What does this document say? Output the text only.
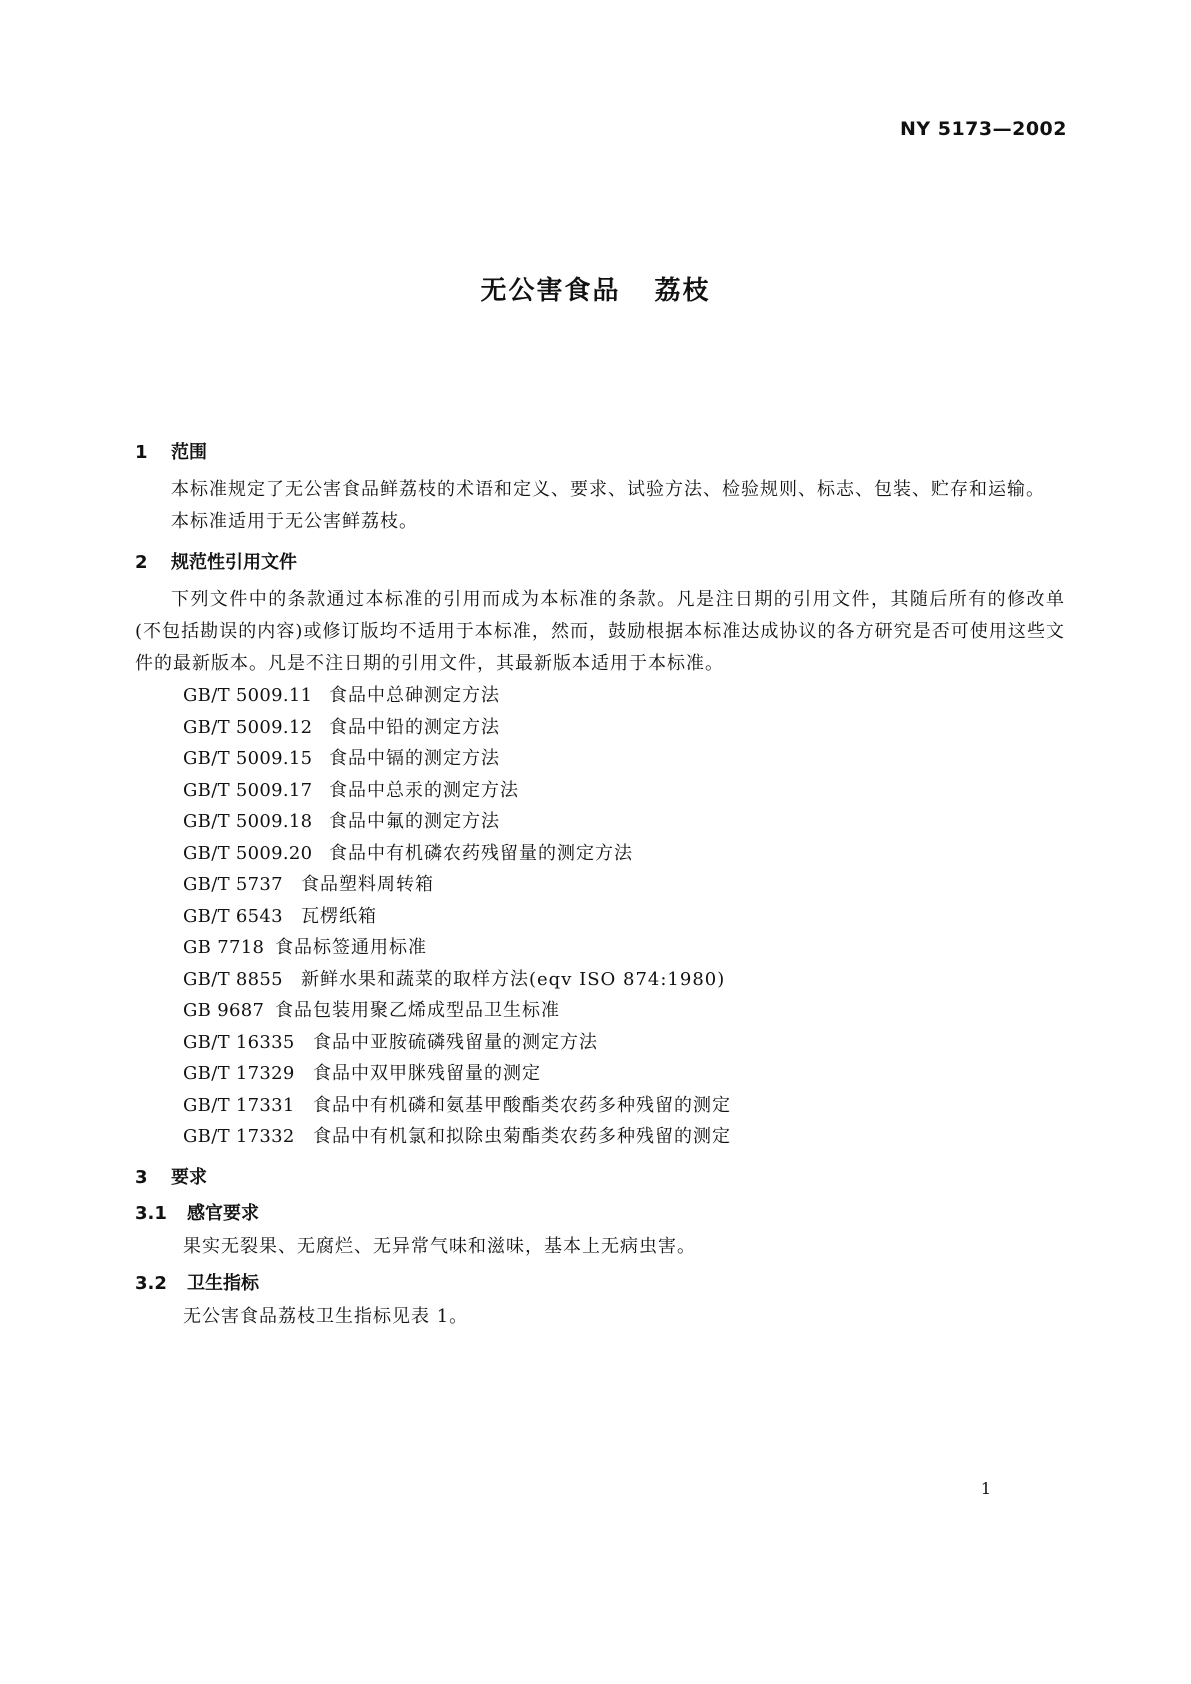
NY 5173—2002
无公害食品 荔枝
1 范围

本标准规定了无公害食品鲜荔枝的术语和定义、要求、试验方法、检验规则、标志、包装、贮存和运输。

本标准适用于无公害鲜荔枝。

2 规范性引用文件

下列文件中的条款通过本标准的引用而成为本标准的条款。凡是注日期的引用文件，其随后所有的修改单(不包括勘误的内容)或修订版均不适用于本标准，然而，鼓励根据本标准达成协议的各方研究是否可使用这些文件的最新版本。凡是不注日期的引用文件，其最新版本适用于本标准。

GB/T 5009.11 食品中总砷测定方法
GB/T 5009.12 食品中铅的测定方法
GB/T 5009.15 食品中镉的测定方法
GB/T 5009.17 食品中总汞的测定方法
GB/T 5009.18 食品中氟的测定方法
GB/T 5009.20 食品中有机磷农药残留量的测定方法
GB/T 5737 食品塑料周转箱
GB/T 6543 瓦楞纸箱
GB 7718 食品标签通用标准
GB/T 8855 新鲜水果和蔬菜的取样方法(eqv ISO 874:1980)
GB 9687 食品包装用聚乙烯成型品卫生标准
GB/T 16335 食品中亚胺硫磷残留量的测定方法
GB/T 17329 食品中双甲脒残留量的测定
GB/T 17331 食品中有机磷和氨基甲酸酯类农药多种残留的测定
GB/T 17332 食品中有机氯和拟除虫菊酯类农药多种残留的测定
3 要求
3.1 感官要求

果实无裂果、无腐烂、无异常气味和滋味，基本上无病虫害。

3.2 卫生指标

无公害食品荔枝卫生指标见表 1。

1
